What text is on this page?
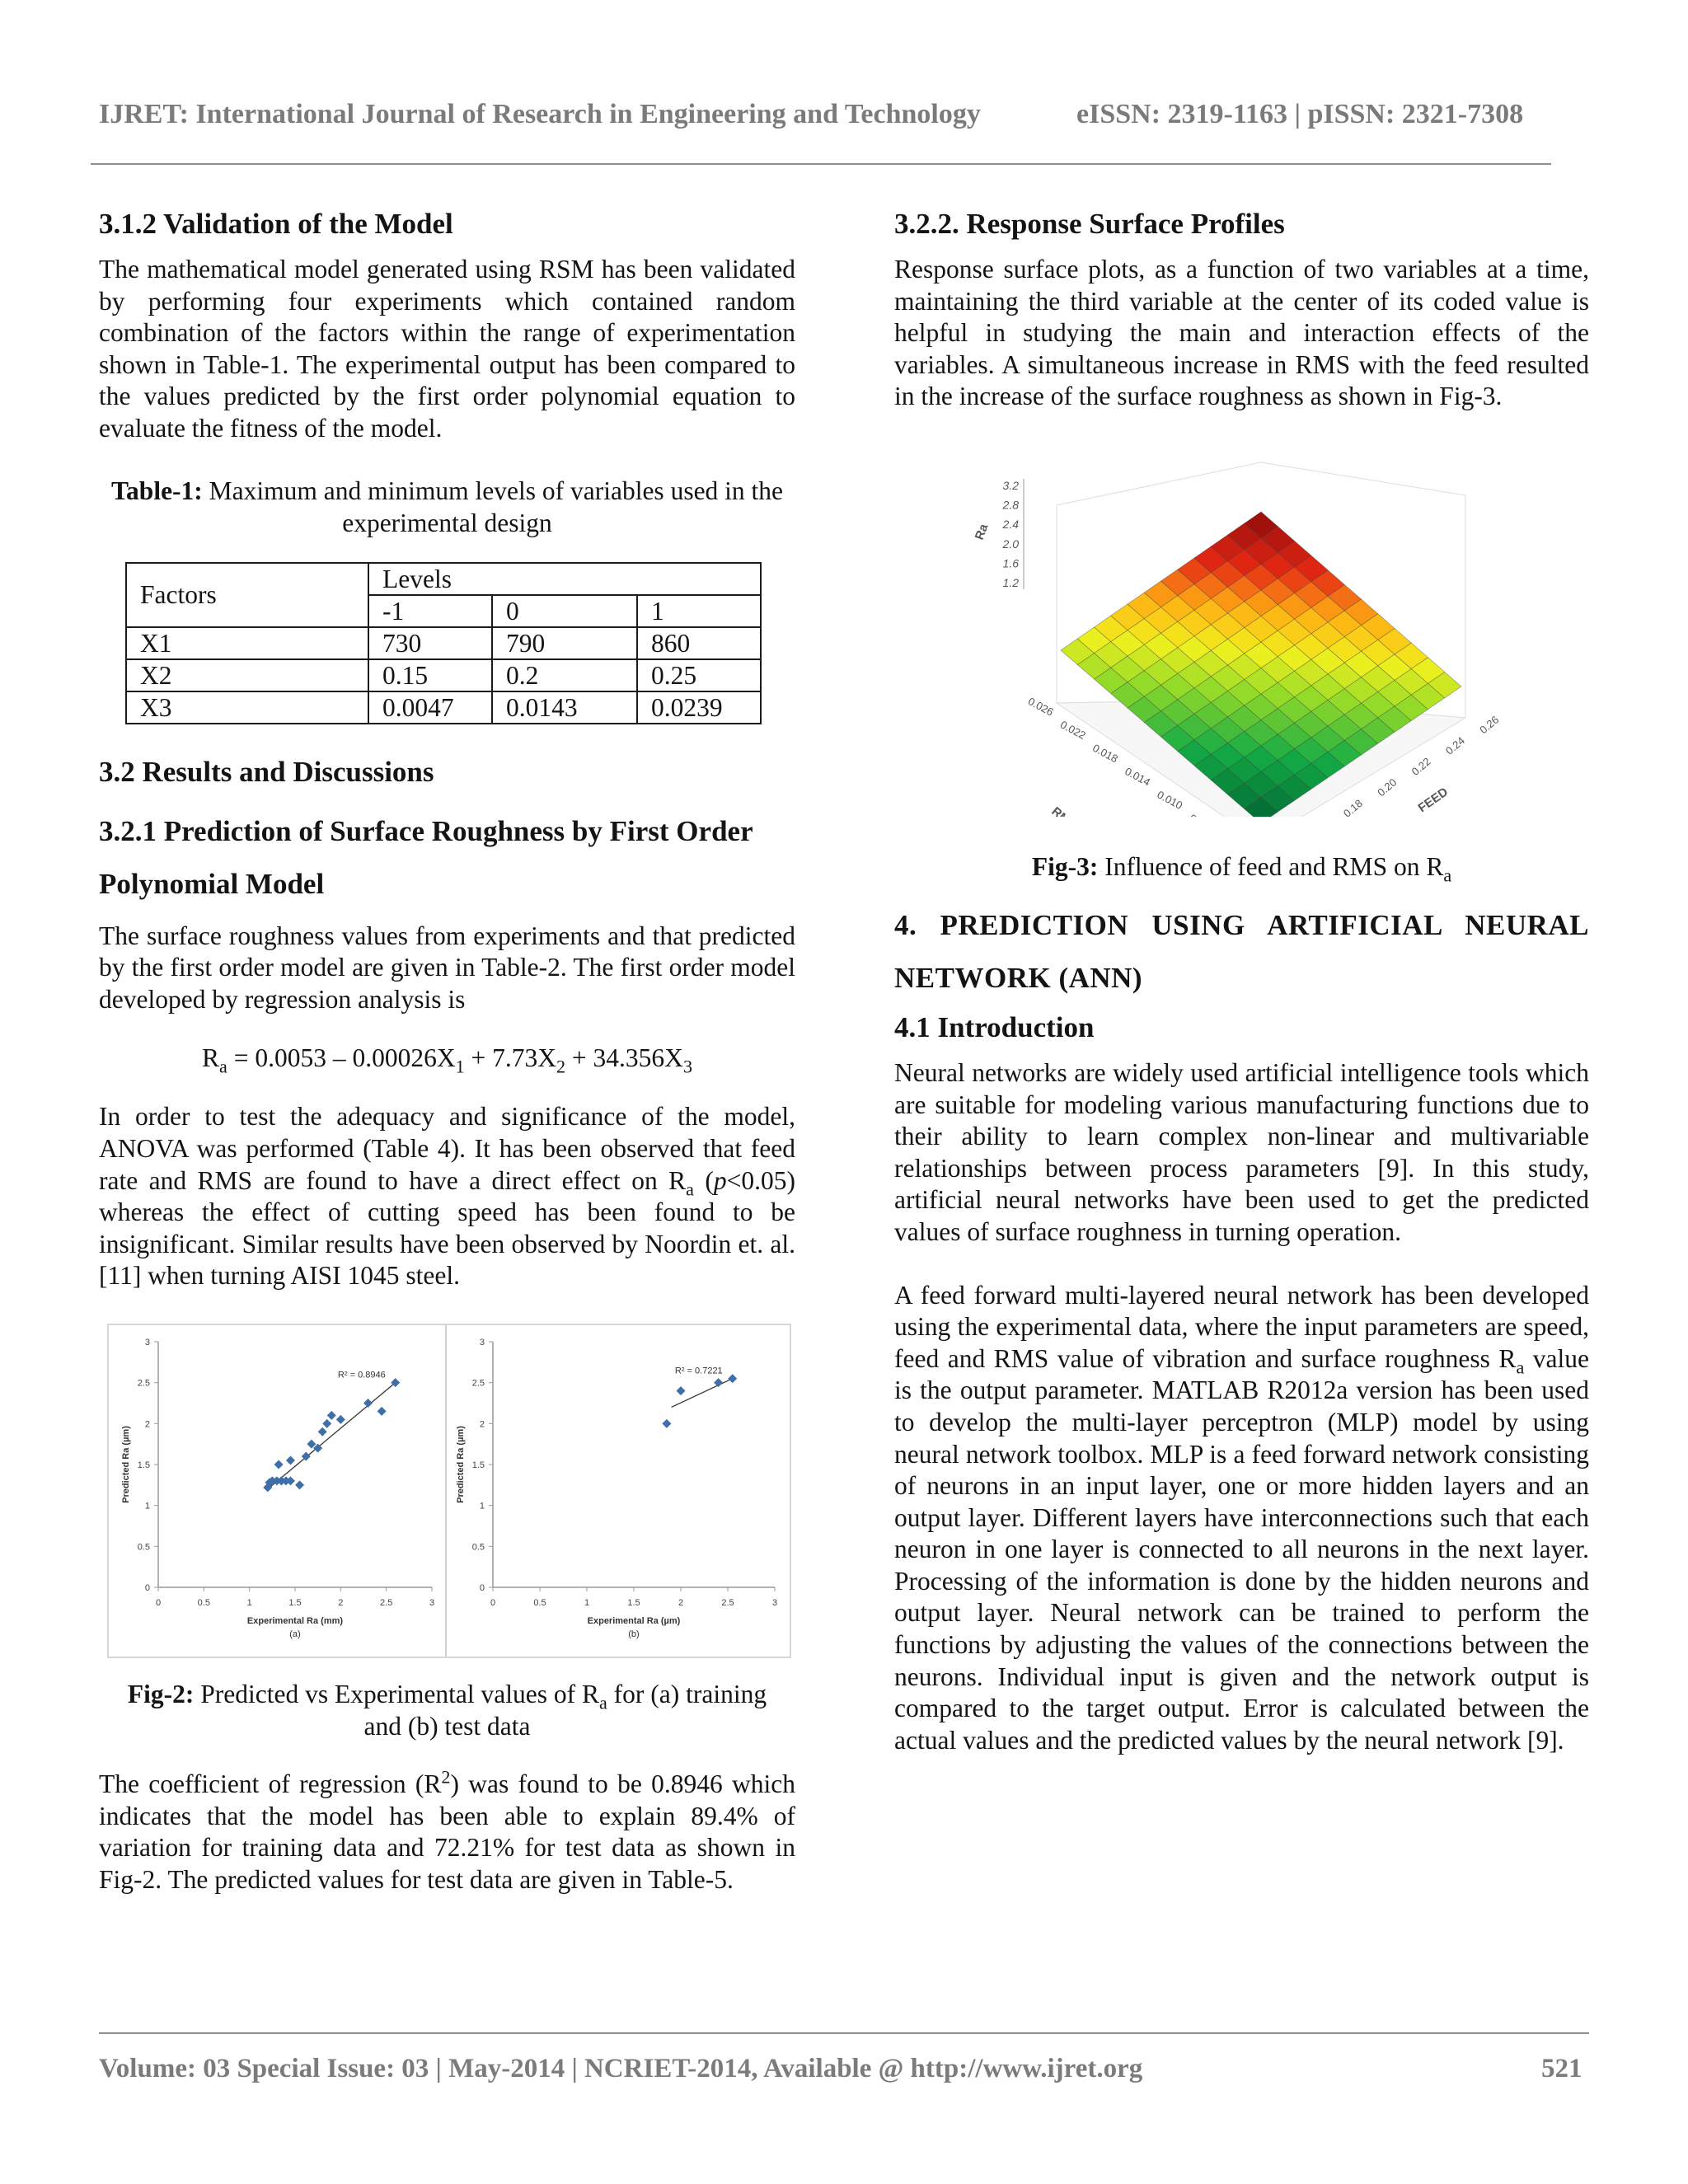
IJRET: International Journal of Research in Engineering and Technology	eISSN: 2319-1163 | pISSN: 2321-7308
3.1.2 Validation of the Model

The mathematical model generated using RSM has been validated by performing four experiments which contained random combination of the factors within the range of experimentation shown in Table-1. The experimental output has been compared to the values predicted by the first order polynomial equation to evaluate the fitness of the model.

Table-1: Maximum and minimum levels of variables used in the experimental design
Factors	Levels		
	-1	0	1
X1	730	790	860
X2	0.15	0.2	0.25
X3	0.0047	0.0143	0.0239
3.2 Results and Discussions
3.2.1 Prediction of Surface Roughness by First Order
Polynomial Model

The surface roughness values from experiments and that predicted by the first order model are given in Table-2. The first order model developed by regression analysis is

$R_a = 0.0053 - 0.00026X_1 + 7.73X_2 + 34.356X_3$

In order to test the adequacy and significance of the model, ANOVA was performed (Table 4). It has been observed that feed rate and RMS are found to have a direct effect on $R_a$ (p<0.05) whereas the effect of cutting speed has been found to be insignificant. Similar results have been observed by Noordin et. al. [11] when turning AISI 1045 steel.

0
0.5
1
1.5
2
2.5
3
0	0.5	1	1.5	2	2.5	3
R² = 0.8946
Experimental Ra (mm)
(a)
Predicted Ra (µm)
0
0.5
1
1.5
2
2.5
3
0	0.5	1	1.5	2	2.5	3
R² = 0.7221
Experimental Ra (µm)
(b)
Predicted Ra (µm)
Fig-2: Predicted vs Experimental values of $R_a$ for (a) training and (b) test data

The coefficient of regression $(R^2)$ was found to be 0.8946 which indicates that the model has been able to explain 89.4% of variation for training data and 72.21% for test data as shown in Fig-2. The predicted values for test data are given in Table-5.

3.2.2. Response Surface Profiles

Response surface plots, as a function of two variables at a time, maintaining the third variable at the center of its coded value is helpful in studying the main and interaction effects of the variables. A simultaneous increase in RMS with the feed resulted in the increase of the surface roughness as shown in Fig-3.

3.2
2.8
2.4
2.0
1.6
1.2
Ra
0.026
0.022
0.018
0.014
0.010	0.18
0.20
0.22
0.24
0.26
FEED
Fig-3: Influence of feed and RMS on $R_a$
4. PREDICTION USING ARTIFICIAL NEURAL
NETWORK (ANN)
4.1 Introduction

Neural networks are widely used artificial intelligence tools which are suitable for modeling various manufacturing functions due to their ability to learn complex non-linear and multivariable relationships between process parameters [9]. In this study, artificial neural networks have been used to get the predicted values of surface roughness in turning operation.

A feed forward multi-layered neural network has been developed using the experimental data, where the input parameters are speed, feed and RMS value of vibration and surface roughness $R_a$ value is the output parameter. MATLAB R2012a version has been used to develop the multi-layer perceptron (MLP) model by using neural network toolbox. MLP is a feed forward network consisting of neurons in an input layer, one or more hidden layers and an output layer. Different layers have interconnections such that each neuron in one layer is connected to all neurons in the next layer. Processing of the information is done by the hidden neurons and output layer. Neural network can be trained to perform the functions by adjusting the values of the connections between the neurons. Individual input is given and the network output is compared to the target output. Error is calculated between the actual values and the predicted values by the neural network [9].

Volume: 03 Special Issue: 03 | May-2014 | NCRIET-2014, Available @ http://www.ijret.org	521
